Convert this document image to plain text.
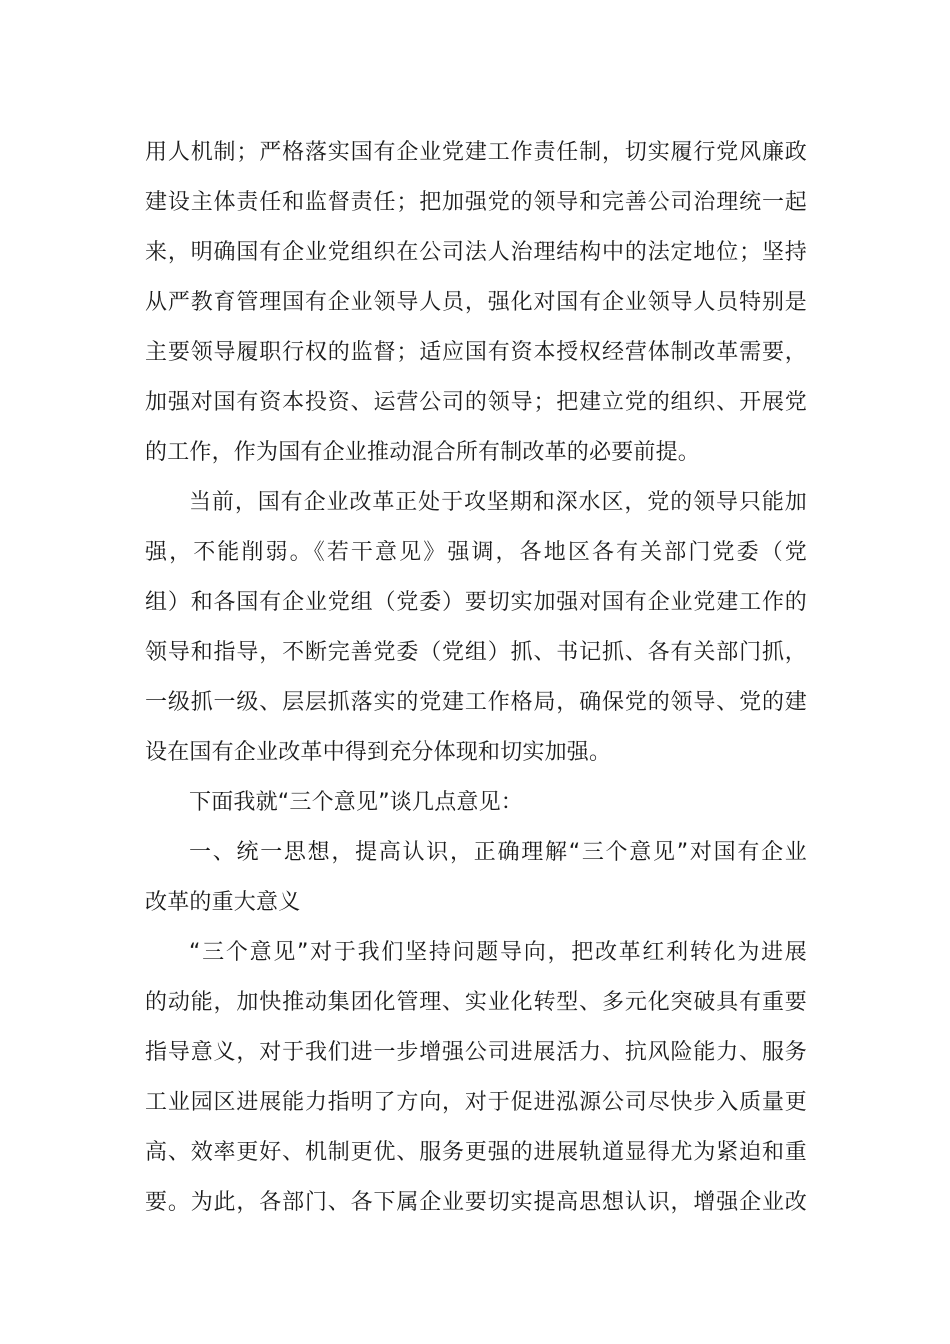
用人机制；严格落实国有企业党建工作责任制，切实履行党风廉政
建设主体责任和监督责任；把加强党的领导和完善公司治理统一起
来，明确国有企业党组织在公司法人治理结构中的法定地位；坚持
从严教育管理国有企业领导人员，强化对国有企业领导人员特别是
主要领导履职行权的监督；适应国有资本授权经营体制改革需要，
加强对国有资本投资、运营公司的领导；把建立党的组织、开展党
的工作，作为国有企业推动混合所有制改革的必要前提。
当前，国有企业改革正处于攻坚期和深水区，党的领导只能加
强，不能削弱。《若干意见》强调，各地区各有关部门党委（党
组）和各国有企业党组（党委）要切实加强对国有企业党建工作的
领导和指导，不断完善党委（党组）抓、书记抓、各有关部门抓，
一级抓一级、层层抓落实的党建工作格局，确保党的领导、党的建
设在国有企业改革中得到充分体现和切实加强。
下面我就“三个意见”谈几点意见：
一、统一思想，提高认识，正确理解“三个意见”对国有企业
改革的重大意义
“三个意见”对于我们坚持问题导向，把改革红利转化为进展
的动能，加快推动集团化管理、实业化转型、多元化突破具有重要
指导意义，对于我们进一步增强公司进展活力、抗风险能力、服务
工业园区进展能力指明了方向，对于促进泓源公司尽快步入质量更
高、效率更好、机制更优、服务更强的进展轨道显得尤为紧迫和重
要。为此，各部门、各下属企业要切实提高思想认识，增强企业改
